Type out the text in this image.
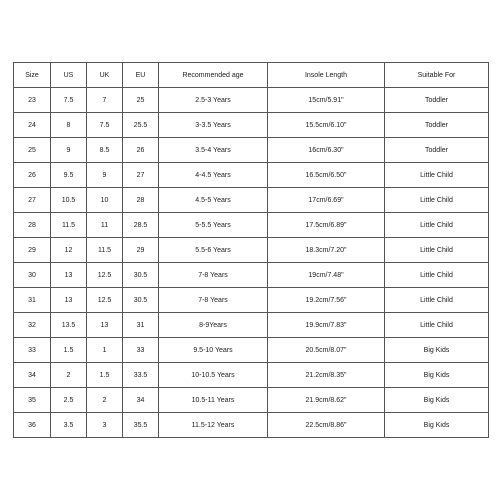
Size	US	UK	EU	Recommended age	Insole Length	Suitable For
23	7.5	7	25	2.5-3 Years	15cm/5.91"	Toddler
24	8	7.5	25.5	3-3.5 Years	15.5cm/6.10"	Toddler
25	9	8.5	26	3.5-4 Years	16cm/6.30"	Toddler
26	9.5	9	27	4-4.5 Years	16.5cm/6.50"	Little Child
27	10.5	10	28	4.5-5 Years	17cm/6.69"	Little Child
28	11.5	11	28.5	5-5.5 Years	17.5cm/6.89"	Little Child
29	12	11.5	29	5.5-6 Years	18.3cm/7.20"	Little Child
30	13	12.5	30.5	7-8 Years	19cm/7.48"	Little Child
31	13	12.5	30.5	7-8 Years	19.2cm/7.56"	Little Child
32	13.5	13	31	8-9Years	19.9cm/7.83"	Little Child
33	1.5	1	33	9.5-10 Years	20.5cm/8.07"	Big Kids
34	2	1.5	33.5	10-10.5 Years	21.2cm/8.35"	Big Kids
35	2.5	2	34	10.5-11 Years	21.9cm/8.62"	Big Kids
36	3.5	3	35.5	11.5-12 Years	22.5cm/8.86"	Big Kids
